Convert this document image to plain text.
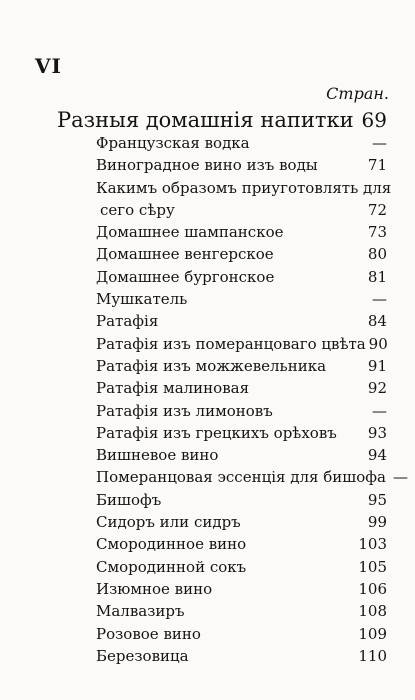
VI
Стран.
Разныя домашнія напитки 69
Французская водка	—
Виноградное вино изъ воды	71
Какимъ образомъ приуготовлять для
сего сѣру	72
Домашнее шампанское	73
Домашнее венгерское	80
Домашнее бургонское	81
Мушкатель	—
Ратафія	84
Ратафія изъ померанцоваго цвѣта 90
Ратафія изъ можжевельника	91
Ратафія малиновая	92
Ратафія изъ лимоновъ	—
Ратафія изъ грецкихъ орѣховъ 93
Вишневое вино	94
Померанцовая эссенція для бишофа —
Бишофъ	95
Сидоръ или сидръ	99
Смородинное вино	103
Смородинной сокъ	105
Изюмное вино	106
Малвазиръ	108
Розовое вино	109
Березовица	110
